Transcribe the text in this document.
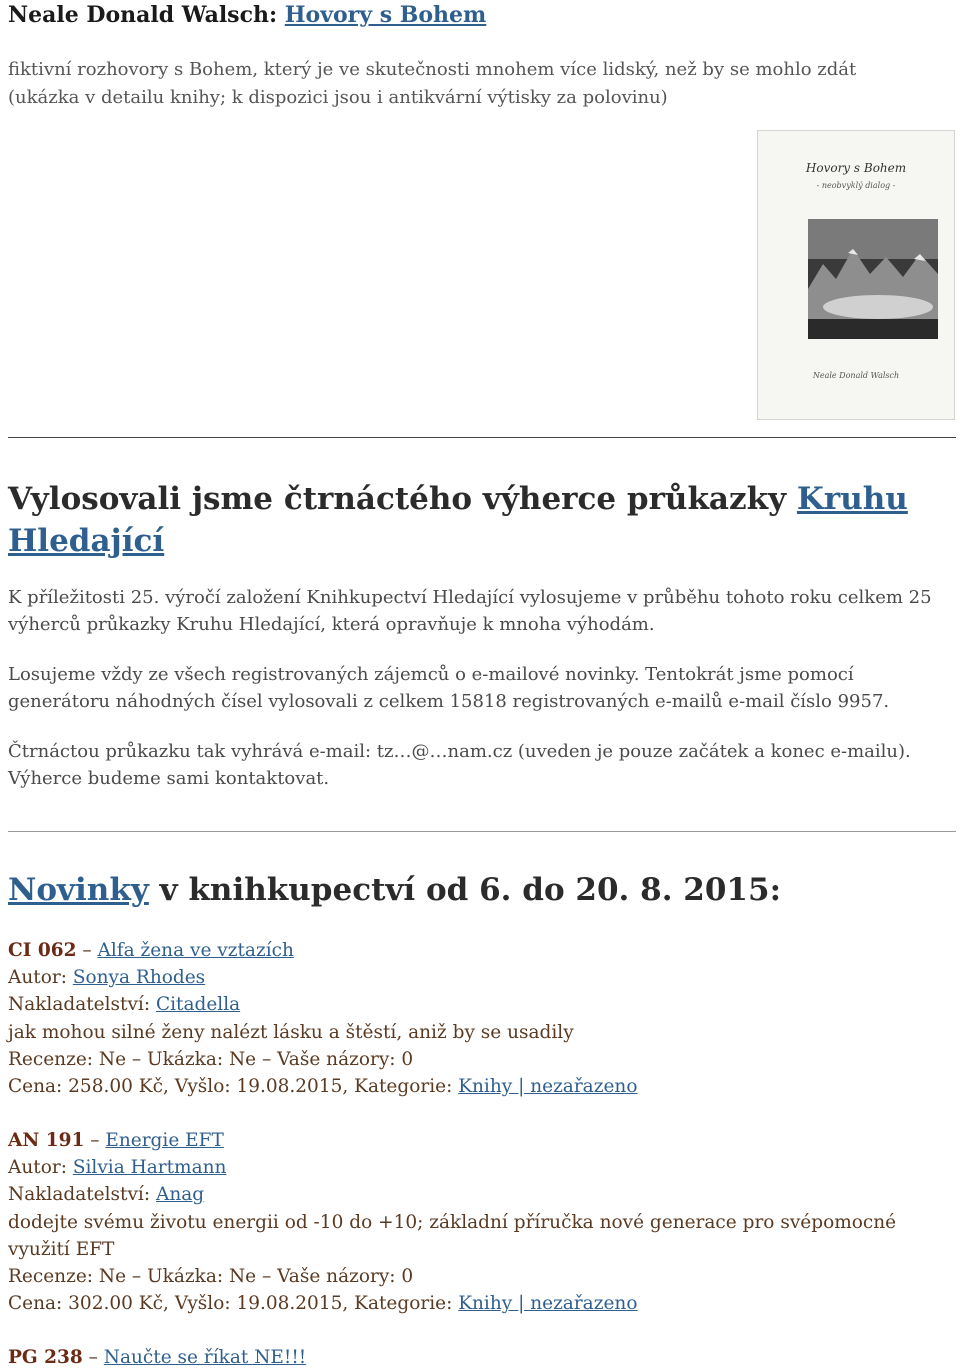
Neale Donald Walsch: Hovory s Bohem
fiktivní rozhovory s Bohem, který je ve skutečnosti mnohem více lidský, než by se mohlo zdát
(ukázka v detailu knihy; k dispozici jsou i antikvární výtisky za polovinu)
Hovory s Bohem
- neobvyklý dialog -
Neale Donald Walsch
Vylosovali jsme čtrnáctého výherce průkazky Kruhu Hledající

K příležitosti 25. výročí založení Knihkupectví Hledající vylosujeme v průběhu tohoto roku celkem 25 výherců průkazky Kruhu Hledající, která opravňuje k mnoha výhodám.

Losujeme vždy ze všech registrovaných zájemců o e-mailové novinky. Tentokrát jsme pomocí generátoru náhodných čísel vylosovali z celkem 15818 registrovaných e-mailů e-mail číslo 9957.

Čtrnáctou průkazku tak vyhrává e-mail: tz…@…nam.cz (uveden je pouze začátek a konec e-mailu). Výherce budeme sami kontaktovat.

Novinky v knihkupectví od 6. do 20. 8. 2015:
CI 062 – Alfa žena ve vztazích
Autor: Sonya Rhodes
Nakladatelství: Citadella
jak mohou silné ženy nalézt lásku a štěstí, aniž by se usadily
Recenze: Ne – Ukázka: Ne – Vaše názory: 0
Cena: 258.00 Kč, Vyšlo: 19.08.2015, Kategorie: Knihy | nezařazeno
AN 191 – Energie EFT
Autor: Silvia Hartmann
Nakladatelství: Anag
dodejte svému životu energii od -10 do +10; základní příručka nové generace pro svépomocné využití EFT
Recenze: Ne – Ukázka: Ne – Vaše názory: 0
Cena: 302.00 Kč, Vyšlo: 19.08.2015, Kategorie: Knihy | nezařazeno
PG 238 – Naučte se říkat NE!!!
